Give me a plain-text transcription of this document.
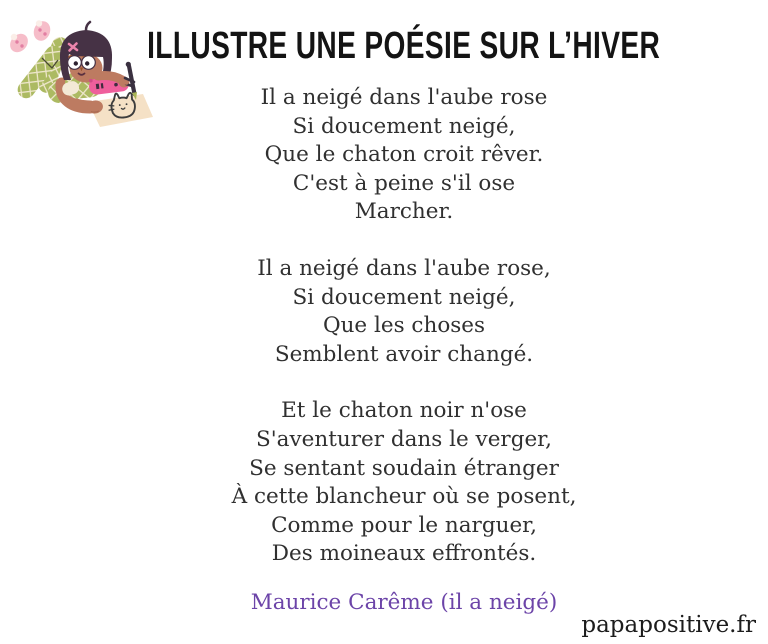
ILLUSTRE UNE POÉSIE SUR L’HIVER

Il a neigé dans l'aube rose

Si doucement neigé,

Que le chaton croit rêver.

C'est à peine s'il ose

Marcher.

Il a neigé dans l'aube rose,

Si doucement neigé,

Que les choses

Semblent avoir changé.

Et le chaton noir n'ose

S'aventurer dans le verger,

Se sentant soudain étranger

À cette blancheur où se posent,

Comme pour le narguer,

Des moineaux effrontés.

Maurice Carême (il a neigé)

papapositive.fr
